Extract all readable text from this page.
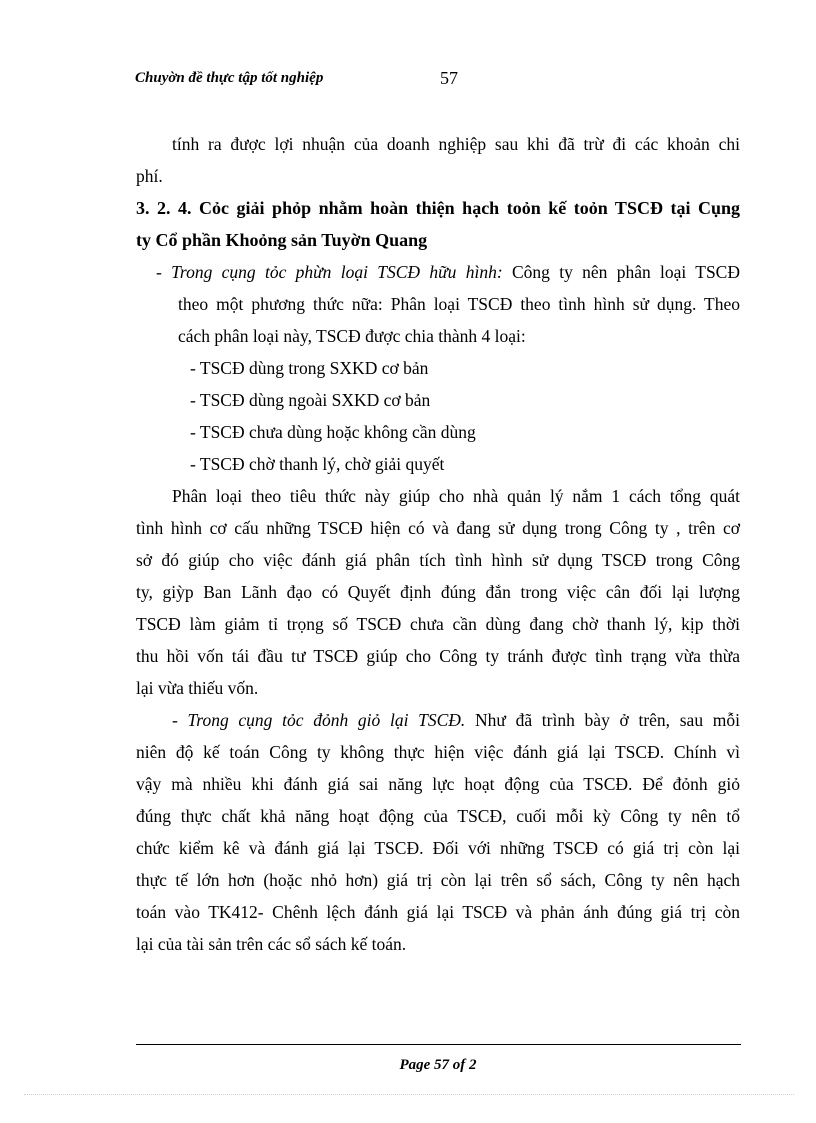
Chuyờn đề thực tập tốt nghiệp	57
tính ra được lợi nhuận của doanh nghiệp sau khi đã trừ đi các khoản chi
phí.
3. 2. 4. Cỏc giải phỏp nhằm hoàn thiện hạch toỏn kế toỏn TSCĐ tại Cụng
ty Cổ phần Khoỏng sản Tuyờn Quang
- Trong cụng tỏc phừn loại TSCĐ hữu hình: Công ty nên phân loại TSCĐ
theo một phương thức nữa: Phân loại TSCĐ theo tình hình sử dụng. Theo
cách phân loại này, TSCĐ được chia thành 4 loại:
- TSCĐ dùng trong SXKD cơ bản
- TSCĐ dùng ngoài SXKD cơ bản
- TSCĐ chưa dùng hoặc không cần dùng
- TSCĐ chờ thanh lý, chờ giải quyết
Phân loại theo tiêu thức này giúp cho nhà quản lý nắm 1 cách tổng quát
tình hình cơ cấu những TSCĐ hiện có và đang sử dụng trong Công ty , trên cơ
sở đó giúp cho việc đánh giá phân tích tình hình sử dụng TSCĐ trong Công
ty, giỳp Ban Lãnh đạo có Quyết định đúng đắn trong việc cân đối lại lượng
TSCĐ làm giảm tỉ trọng số TSCĐ chưa cần dùng đang chờ thanh lý, kịp thời
thu hồi vốn tái đầu tư TSCĐ giúp cho Công ty tránh được tình trạng vừa thừa
lại vừa thiếu vốn.
- Trong cụng tỏc đỏnh giỏ lại TSCĐ. Như đã trình bày ở trên, sau mỗi
niên độ kế toán Công ty không thực hiện việc đánh giá lại TSCĐ. Chính vì
vậy mà nhiều khi đánh giá sai năng lực hoạt động của TSCĐ. Để đỏnh giỏ
đúng thực chất khả năng hoạt động của TSCĐ, cuối mỗi kỳ Công ty nên tổ
chức kiểm kê và đánh giá lại TSCĐ. Đối với những TSCĐ có giá trị còn lại
thực tế lớn hơn (hoặc nhỏ hơn) giá trị còn lại trên sổ sách, Công ty nên hạch
toán vào TK412- Chênh lệch đánh giá lại TSCĐ và phản ánh đúng giá trị còn
lại của tài sản trên các sổ sách kế toán.
Page 57 of 2
